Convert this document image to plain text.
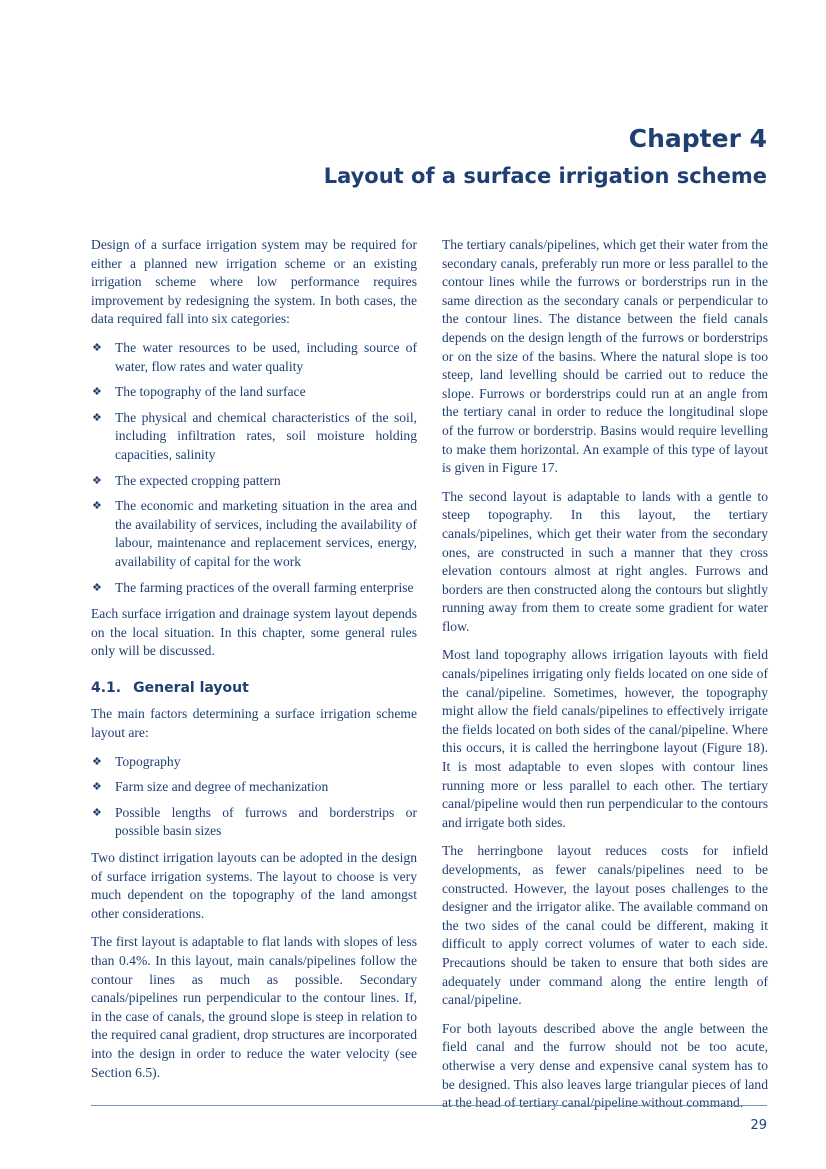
Chapter 4
Layout of a surface irrigation scheme

Design of a surface irrigation system may be required for either a planned new irrigation scheme or an existing irrigation scheme where low performance requires improvement by redesigning the system. In both cases, the data required fall into six categories:

❖ The water resources to be used, including source of water, flow rates and water quality
❖ The topography of the land surface
❖ The physical and chemical characteristics of the soil, including infiltration rates, soil moisture holding capacities, salinity
❖ The expected cropping pattern
❖ The economic and marketing situation in the area and the availability of services, including the availability of labour, maintenance and replacement services, energy, availability of capital for the work
❖ The farming practices of the overall farming enterprise

Each surface irrigation and drainage system layout depends on the local situation. In this chapter, some general rules only will be discussed.

4.1. General layout

The main factors determining a surface irrigation scheme layout are:

❖ Topography
❖ Farm size and degree of mechanization
❖ Possible lengths of furrows and borderstrips or possible basin sizes

Two distinct irrigation layouts can be adopted in the design of surface irrigation systems. The layout to choose is very much dependent on the topography of the land amongst other considerations.

The first layout is adaptable to flat lands with slopes of less than 0.4%. In this layout, main canals/pipelines follow the contour lines as much as possible. Secondary canals/pipelines run perpendicular to the contour lines. If, in the case of canals, the ground slope is steep in relation to the required canal gradient, drop structures are incorporated into the design in order to reduce the water velocity (see Section 6.5).

The tertiary canals/pipelines, which get their water from the secondary canals, preferably run more or less parallel to the contour lines while the furrows or borderstrips run in the same direction as the secondary canals or perpendicular to the contour lines. The distance between the field canals depends on the design length of the furrows or borderstrips or on the size of the basins. Where the natural slope is too steep, land levelling should be carried out to reduce the slope. Furrows or borderstrips could run at an angle from the tertiary canal in order to reduce the longitudinal slope of the furrow or borderstrip. Basins would require levelling to make them horizontal. An example of this type of layout is given in Figure 17.

The second layout is adaptable to lands with a gentle to steep topography. In this layout, the tertiary canals/pipelines, which get their water from the secondary ones, are constructed in such a manner that they cross elevation contours almost at right angles. Furrows and borders are then constructed along the contours but slightly running away from them to create some gradient for water flow.

Most land topography allows irrigation layouts with field canals/pipelines irrigating only fields located on one side of the canal/pipeline. Sometimes, however, the topography might allow the field canals/pipelines to effectively irrigate the fields located on both sides of the canal/pipeline. Where this occurs, it is called the herringbone layout (Figure 18). It is most adaptable to even slopes with contour lines running more or less parallel to each other. The tertiary canal/pipeline would then run perpendicular to the contours and irrigate both sides.

The herringbone layout reduces costs for infield developments, as fewer canals/pipelines need to be constructed. However, the layout poses challenges to the designer and the irrigator alike. The available command on the two sides of the canal could be different, making it difficult to apply correct volumes of water to each side. Precautions should be taken to ensure that both sides are adequately under command along the entire length of canal/pipeline.

For both layouts described above the angle between the field canal and the furrow should not be too acute, otherwise a very dense and expensive canal system has to be designed. This also leaves large triangular pieces of land at the head of tertiary canal/pipeline without command.

29
